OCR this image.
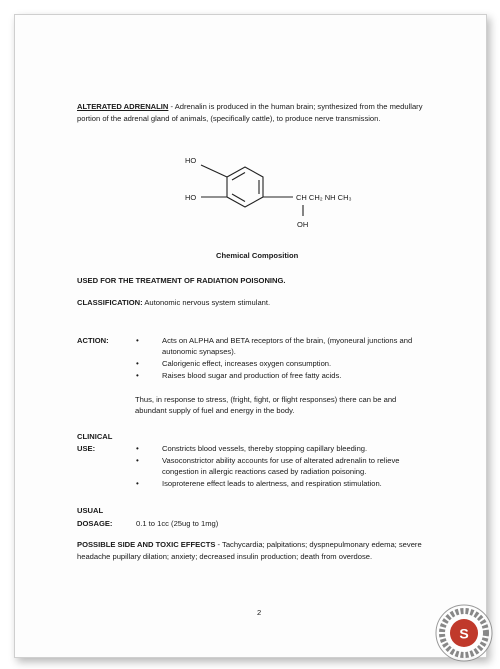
ALTERATED ADRENALIN - Adrenalin is produced in the human brain; synthesized from the medullary
portion of the adrenal gland of animals, (specifically cattle), to produce nerve transmission.
HO
HO	CH CH₂ NH CH₃
OH
Chemical Composition
USED FOR THE TREATMENT OF RADIATION POISONING.
CLASSIFICATION: Autonomic nervous system stimulant.
ACTION:	•	Acts on ALPHA and BETA receptors of the brain, (myoneural junctions and
autonomic synapses).
•	Calorigenic effect, increases oxygen consumption.
•	Raises blood sugar and production of free fatty acids.
Thus, in response to stress, (fright, fight, or flight responses) there can be and
abundant supply of fuel and energy in the body.
CLINICAL
USE:	•	Constricts blood vessels, thereby stopping capillary bleeding.
•	Vasoconstrictor ability accounts for use of alterated adrenalin to relieve
congestion in allergic reactions cased by radiation poisoning.
•	Isoproterene effect leads to alertness, and respiration stimulation.
USUAL
DOSAGE:	0.1 to 1cc (25ug to 1mg)
POSSIBLE SIDE AND TOXIC EFFECTS - Tachycardia; palpitations; dyspnepulmonary edema; severe
headache pupillary dilation; anxiety; decreased insulin production; death from overdose.
2
S
